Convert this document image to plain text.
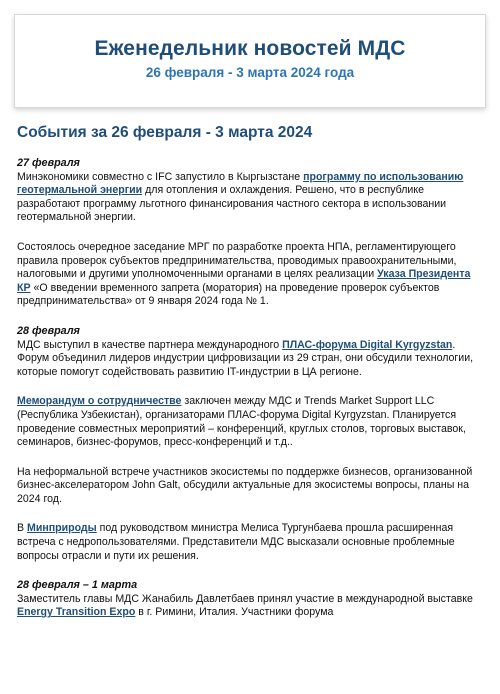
Еженедельник новостей МДС
26 февраля - 3 марта 2024 года
События за 26 февраля - 3 марта 2024
27 февраля

Минэкономики совместно с IFC запустило в Кыргызстане программу по использованию геотермальной энергии для отопления и охлаждения. Решено, что в республике разработают программу льготного финансирования частного сектора в использовании геотермальной энергии.

Состоялось очередное заседание МРГ по разработке проекта НПА, регламентирующего правила проверок субъектов предпринимательства, проводимых правоохранительными, налоговыми и другими уполномоченными органами в целях реализации Указа Президента КР «О введении временного запрета (моратория) на проведение проверок субъектов предпринимательства» от 9 января 2024 года № 1.

28 февраля

МДС выступил в качестве партнера международного ПЛАС-форума Digital Kyrgyzstan. Форум объединил лидеров индустрии цифровизации из 29 стран, они обсудили технологии, которые помогут содействовать развитию IT-индустрии в ЦА регионе.

Меморандум о сотрудничестве заключен между МДС и Trends Market Support LLC (Республика Узбекистан), организаторами ПЛАС-форума Digital Kyrgyzstan. Планируется проведение совместных мероприятий – конференций, круглых столов, торговых выставок, семинаров, бизнес-форумов, пресс-конференций и т.д..

На неформальной встрече участников экосистемы по поддержке бизнесов, организованной бизнес-акселератором John Galt, обсудили актуальные для экосистемы вопросы, планы на 2024 год.

В Минприроды под руководством министра Мелиса Тургунбаева прошла расширенная встреча с недропользователями. Представители МДС высказали основные проблемные вопросы отрасли и пути их решения.

28 февраля – 1 марта

Заместитель главы МДС Жанабиль Давлетбаев принял участие в международной выставке Energy Transition Expo в г. Римини, Италия. Участники форума
